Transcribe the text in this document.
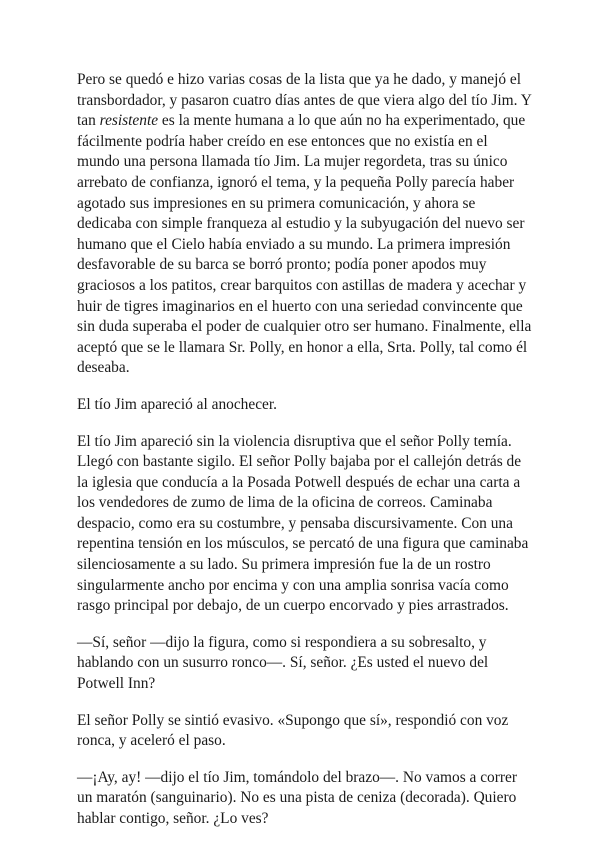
Pero se quedó e hizo varias cosas de la lista que ya he dado, y manejó el transbordador, y pasaron cuatro días antes de que viera algo del tío Jim. Y tan resistente es la mente humana a lo que aún no ha experimentado, que fácilmente podría haber creído en ese entonces que no existía en el mundo una persona llamada tío Jim. La mujer regordeta, tras su único arrebato de confianza, ignoró el tema, y la pequeña Polly parecía haber agotado sus impresiones en su primera comunicación, y ahora se dedicaba con simple franqueza al estudio y la subyugación del nuevo ser humano que el Cielo había enviado a su mundo. La primera impresión desfavorable de su barca se borró pronto; podía poner apodos muy graciosos a los patitos, crear barquitos con astillas de madera y acechar y huir de tigres imaginarios en el huerto con una seriedad convincente que sin duda superaba el poder de cualquier otro ser humano. Finalmente, ella aceptó que se le llamara Sr. Polly, en honor a ella, Srta. Polly, tal como él deseaba.

El tío Jim apareció al anochecer.

El tío Jim apareció sin la violencia disruptiva que el señor Polly temía. Llegó con bastante sigilo. El señor Polly bajaba por el callejón detrás de la iglesia que conducía a la Posada Potwell después de echar una carta a los vendedores de zumo de lima de la oficina de correos. Caminaba despacio, como era su costumbre, y pensaba discursivamente. Con una repentina tensión en los músculos, se percató de una figura que caminaba silenciosamente a su lado. Su primera impresión fue la de un rostro singularmente ancho por encima y con una amplia sonrisa vacía como rasgo principal por debajo, de un cuerpo encorvado y pies arrastrados.

—Sí, señor —dijo la figura, como si respondiera a su sobresalto, y hablando con un susurro ronco—. Sí, señor. ¿Es usted el nuevo del Potwell Inn?

El señor Polly se sintió evasivo. «Supongo que sí», respondió con voz ronca, y aceleró el paso.

—¡Ay, ay! —dijo el tío Jim, tomándolo del brazo—. No vamos a correr un maratón (sanguinario). No es una pista de ceniza (decorada). Quiero hablar contigo, señor. ¿Lo ves?
